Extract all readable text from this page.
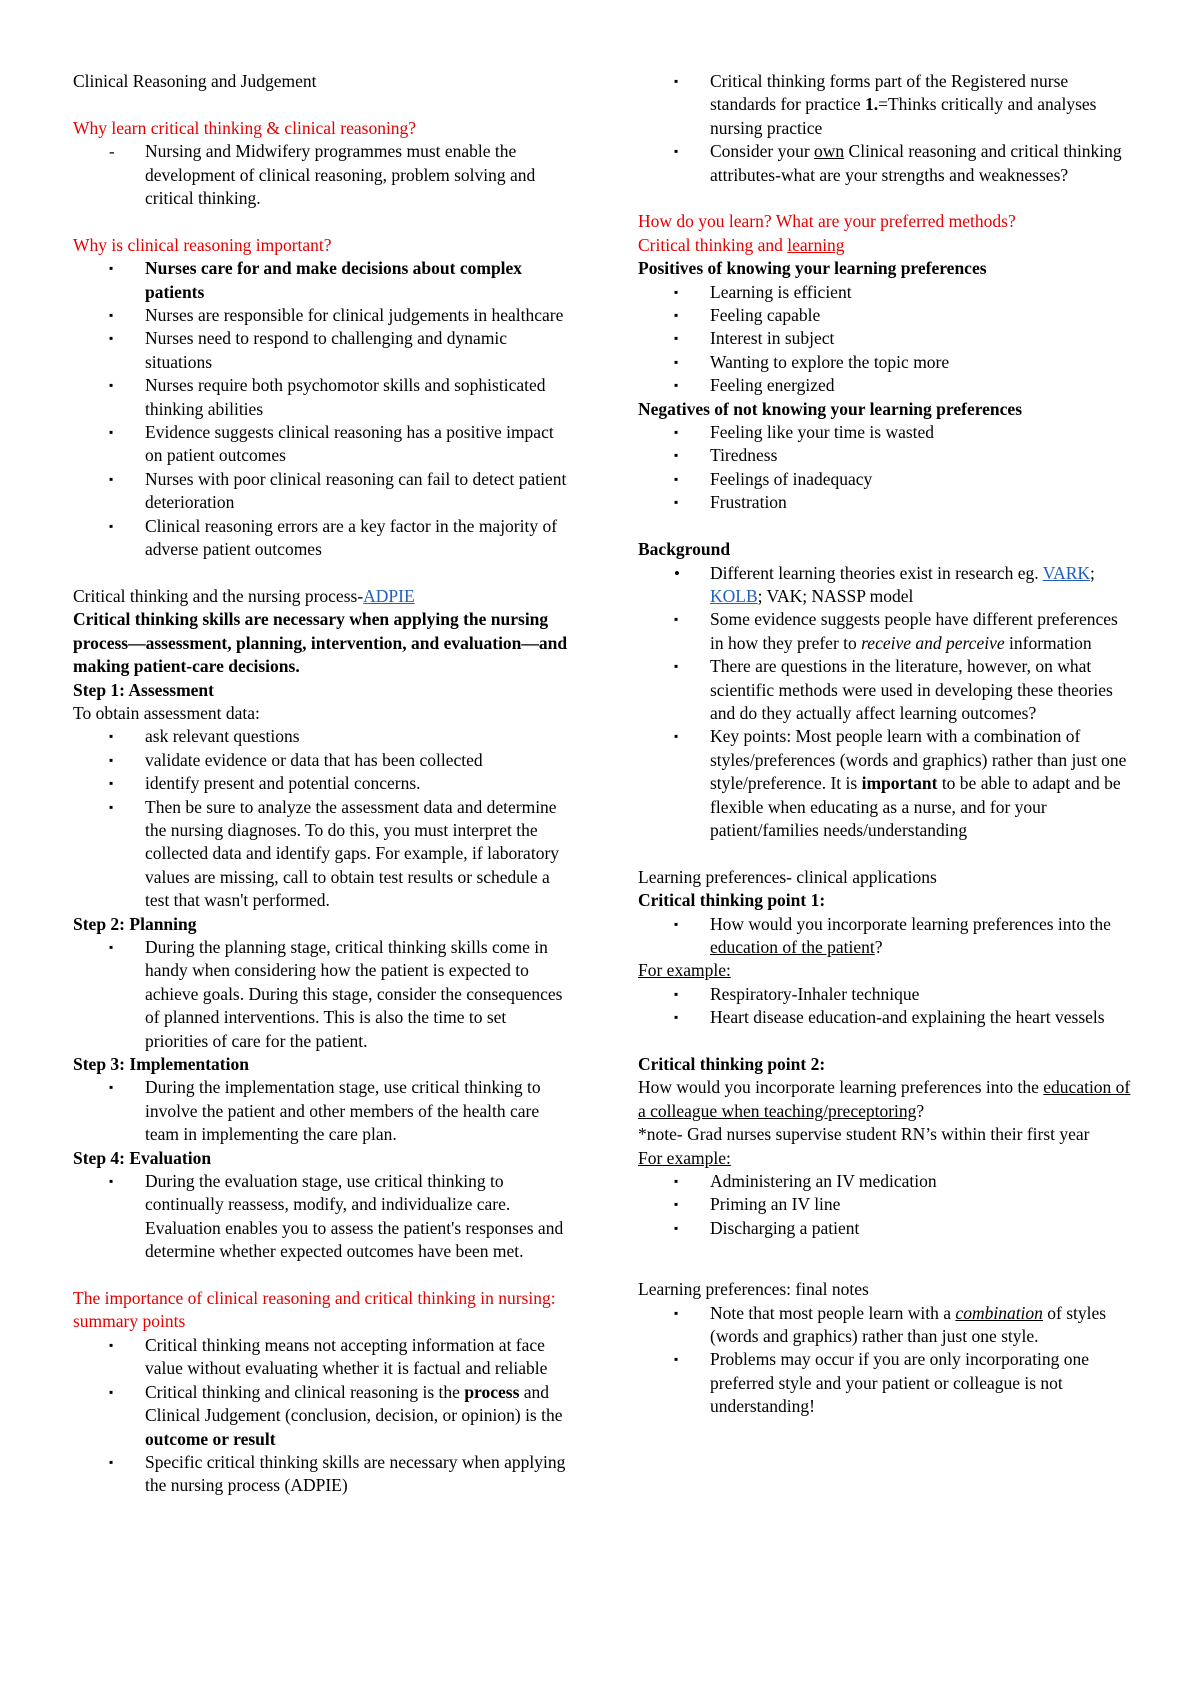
Clinical Reasoning and Judgement

Why learn critical thinking & clinical reasoning?

-	Nursing and Midwifery programmes must enable the development of clinical reasoning, problem solving and critical thinking.

Why is clinical reasoning important?

▪	Nurses care for and make decisions about complex patients
▪	Nurses are responsible for clinical judgements in healthcare
▪	Nurses need to respond to challenging and dynamic situations
▪	Nurses require both psychomotor skills and sophisticated thinking abilities
▪	Evidence suggests clinical reasoning has a positive impact on patient outcomes
▪	Nurses with poor clinical reasoning can fail to detect patient deterioration
▪	Clinical reasoning errors are a key factor in the majority of adverse patient outcomes

Critical thinking and the nursing process-ADPIE

Critical thinking skills are necessary when applying the nursing process—assessment, planning, intervention, and evaluation—and making patient-care decisions.

Step 1: Assessment

To obtain assessment data:

▪	ask relevant questions
▪	validate evidence or data that has been collected
▪	identify present and potential concerns.
▪	Then be sure to analyze the assessment data and determine the nursing diagnoses. To do this, you must interpret the collected data and identify gaps. For example, if laboratory values are missing, call to obtain test results or schedule a test that wasn't performed.

Step 2: Planning

▪	During the planning stage, critical thinking skills come in handy when considering how the patient is expected to achieve goals. During this stage, consider the consequences of planned interventions. This is also the time to set priorities of care for the patient.

Step 3: Implementation

▪	During the implementation stage, use critical thinking to involve the patient and other members of the health care team in implementing the care plan.

Step 4: Evaluation

▪	During the evaluation stage, use critical thinking to continually reassess, modify, and individualize care. Evaluation enables you to assess the patient's responses and determine whether expected outcomes have been met.

The importance of clinical reasoning and critical thinking in nursing: summary points

▪	Critical thinking means not accepting information at face value without evaluating whether it is factual and reliable
▪	Critical thinking and clinical reasoning is the process and Clinical Judgement (conclusion, decision, or opinion) is the outcome or result
▪	Specific critical thinking skills are necessary when applying the nursing process (ADPIE)
▪	Critical thinking forms part of the Registered nurse standards for practice 1.=Thinks critically and analyses nursing practice
▪	Consider your own Clinical reasoning and critical thinking attributes-what are your strengths and weaknesses?

How do you learn? What are your preferred methods?

Critical thinking and learning

Positives of knowing your learning preferences

▪	Learning is efficient
▪	Feeling capable
▪	Interest in subject
▪	Wanting to explore the topic more
▪	Feeling energized

Negatives of not knowing your learning preferences

▪	Feeling like your time is wasted
▪	Tiredness
▪	Feelings of inadequacy
▪	Frustration

Background

•	Different learning theories exist in research eg. VARK; KOLB; VAK; NASSP model
▪	Some evidence suggests people have different preferences in how they prefer to receive and perceive information
▪	There are questions in the literature, however, on what scientific methods were used in developing these theories and do they actually affect learning outcomes?
▪	Key points: Most people learn with a combination of styles/preferences (words and graphics) rather than just one style/preference. It is important to be able to adapt and be flexible when educating as a nurse, and for your patient/families needs/understanding

Learning preferences- clinical applications

Critical thinking point 1:

▪	How would you incorporate learning preferences into the education of the patient?

For example:

▪	Respiratory-Inhaler technique
▪	Heart disease education-and explaining the heart vessels

Critical thinking point 2:

How would you incorporate learning preferences into the education of a colleague when teaching/preceptoring?

*note- Grad nurses supervise student RN’s within their first year

For example:

▪	Administering an IV medication
▪	Priming an IV line
▪	Discharging a patient

Learning preferences: final notes

▪	Note that most people learn with a combination of styles (words and graphics) rather than just one style.
▪	Problems may occur if you are only incorporating one preferred style and your patient or colleague is not understanding!
